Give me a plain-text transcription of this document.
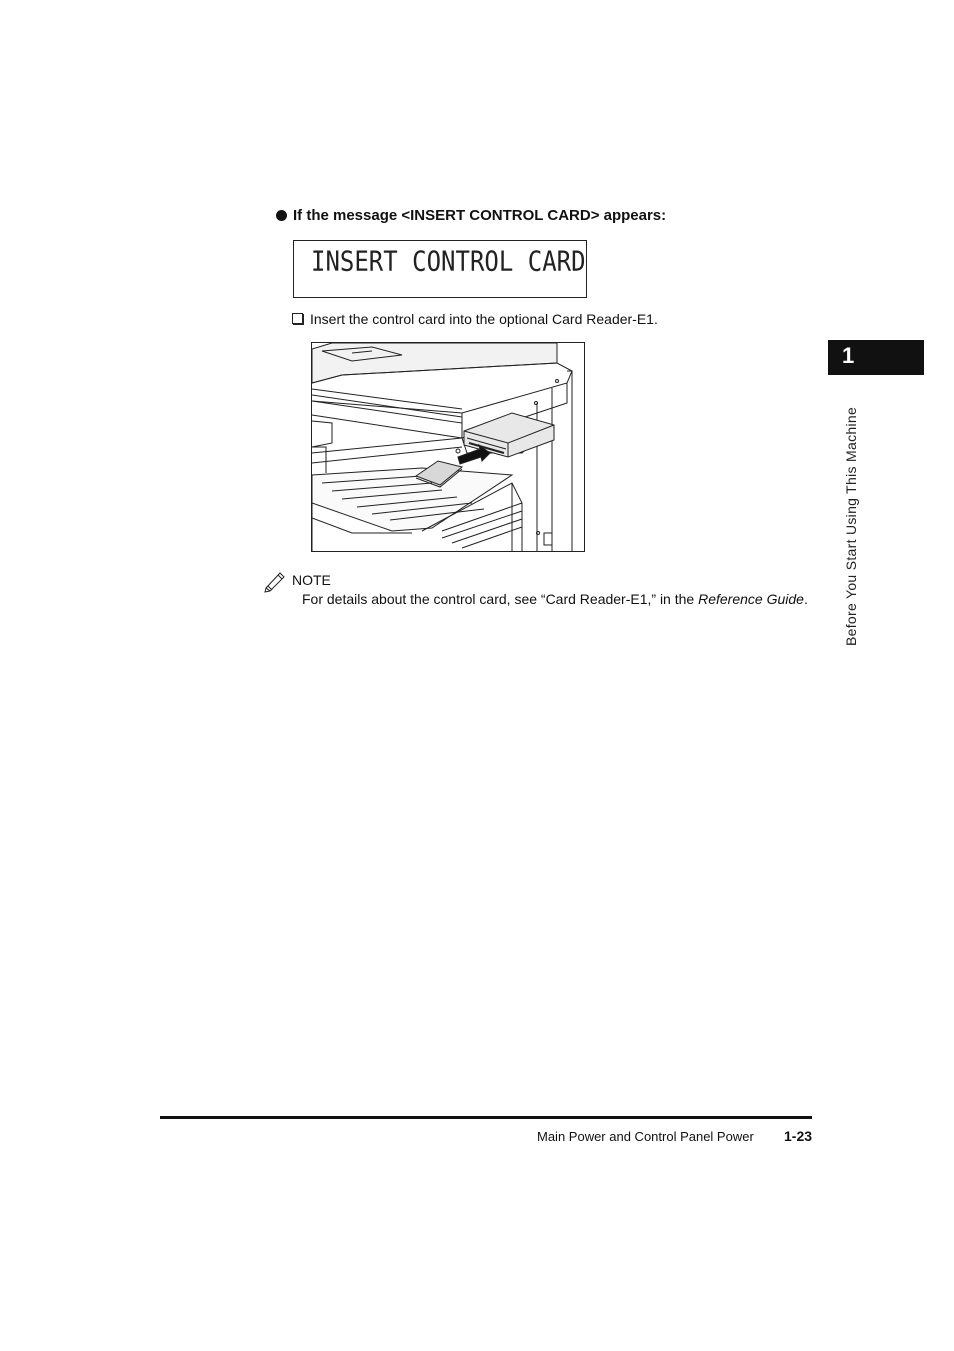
If the message <INSERT CONTROL CARD> appears:
INSERT CONTROL CARD
Insert the control card into the optional Card Reader-E1.
NOTE
For details about the control card, see “Card Reader-E1,” in the Reference Guide.
1
Before You Start Using This Machine
Main Power and Control Panel Power 1-23
